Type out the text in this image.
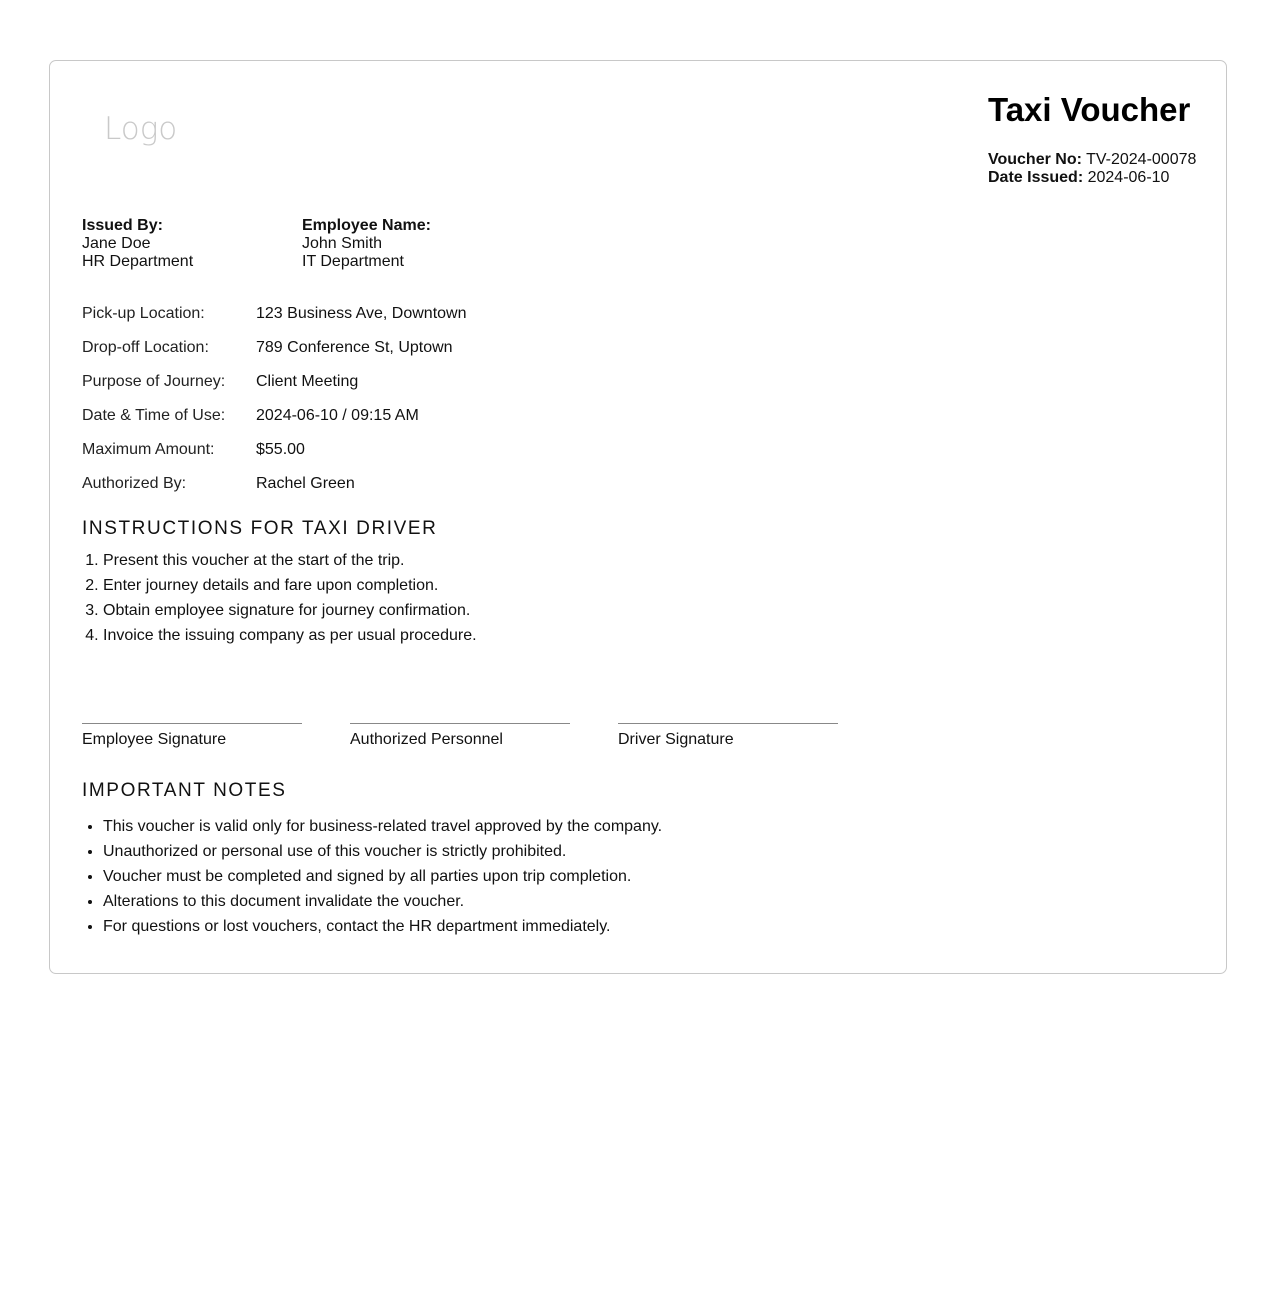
Logo
Taxi Voucher
Voucher No: TV-2024-00078
Date Issued: 2024-06-10
Issued By:
Jane Doe
HR Department
Employee Name:
John Smith
IT Department
Pick-up Location:	123 Business Ave, Downtown
Drop-off Location:	789 Conference St, Uptown
Purpose of Journey:	Client Meeting
Date & Time of Use:	2024-06-10 / 09:15 AM
Maximum Amount:	$55.00
Authorized By:	Rachel Green
INSTRUCTIONS FOR TAXI DRIVER
1. Present this voucher at the start of the trip.
2. Enter journey details and fare upon completion.
3. Obtain employee signature for journey confirmation.
4. Invoice the issuing company as per usual procedure.
Employee Signature	Authorized Personnel	Driver Signature
IMPORTANT NOTES
• This voucher is valid only for business-related travel approved by the company.
• Unauthorized or personal use of this voucher is strictly prohibited.
• Voucher must be completed and signed by all parties upon trip completion.
• Alterations to this document invalidate the voucher.
• For questions or lost vouchers, contact the HR department immediately.
